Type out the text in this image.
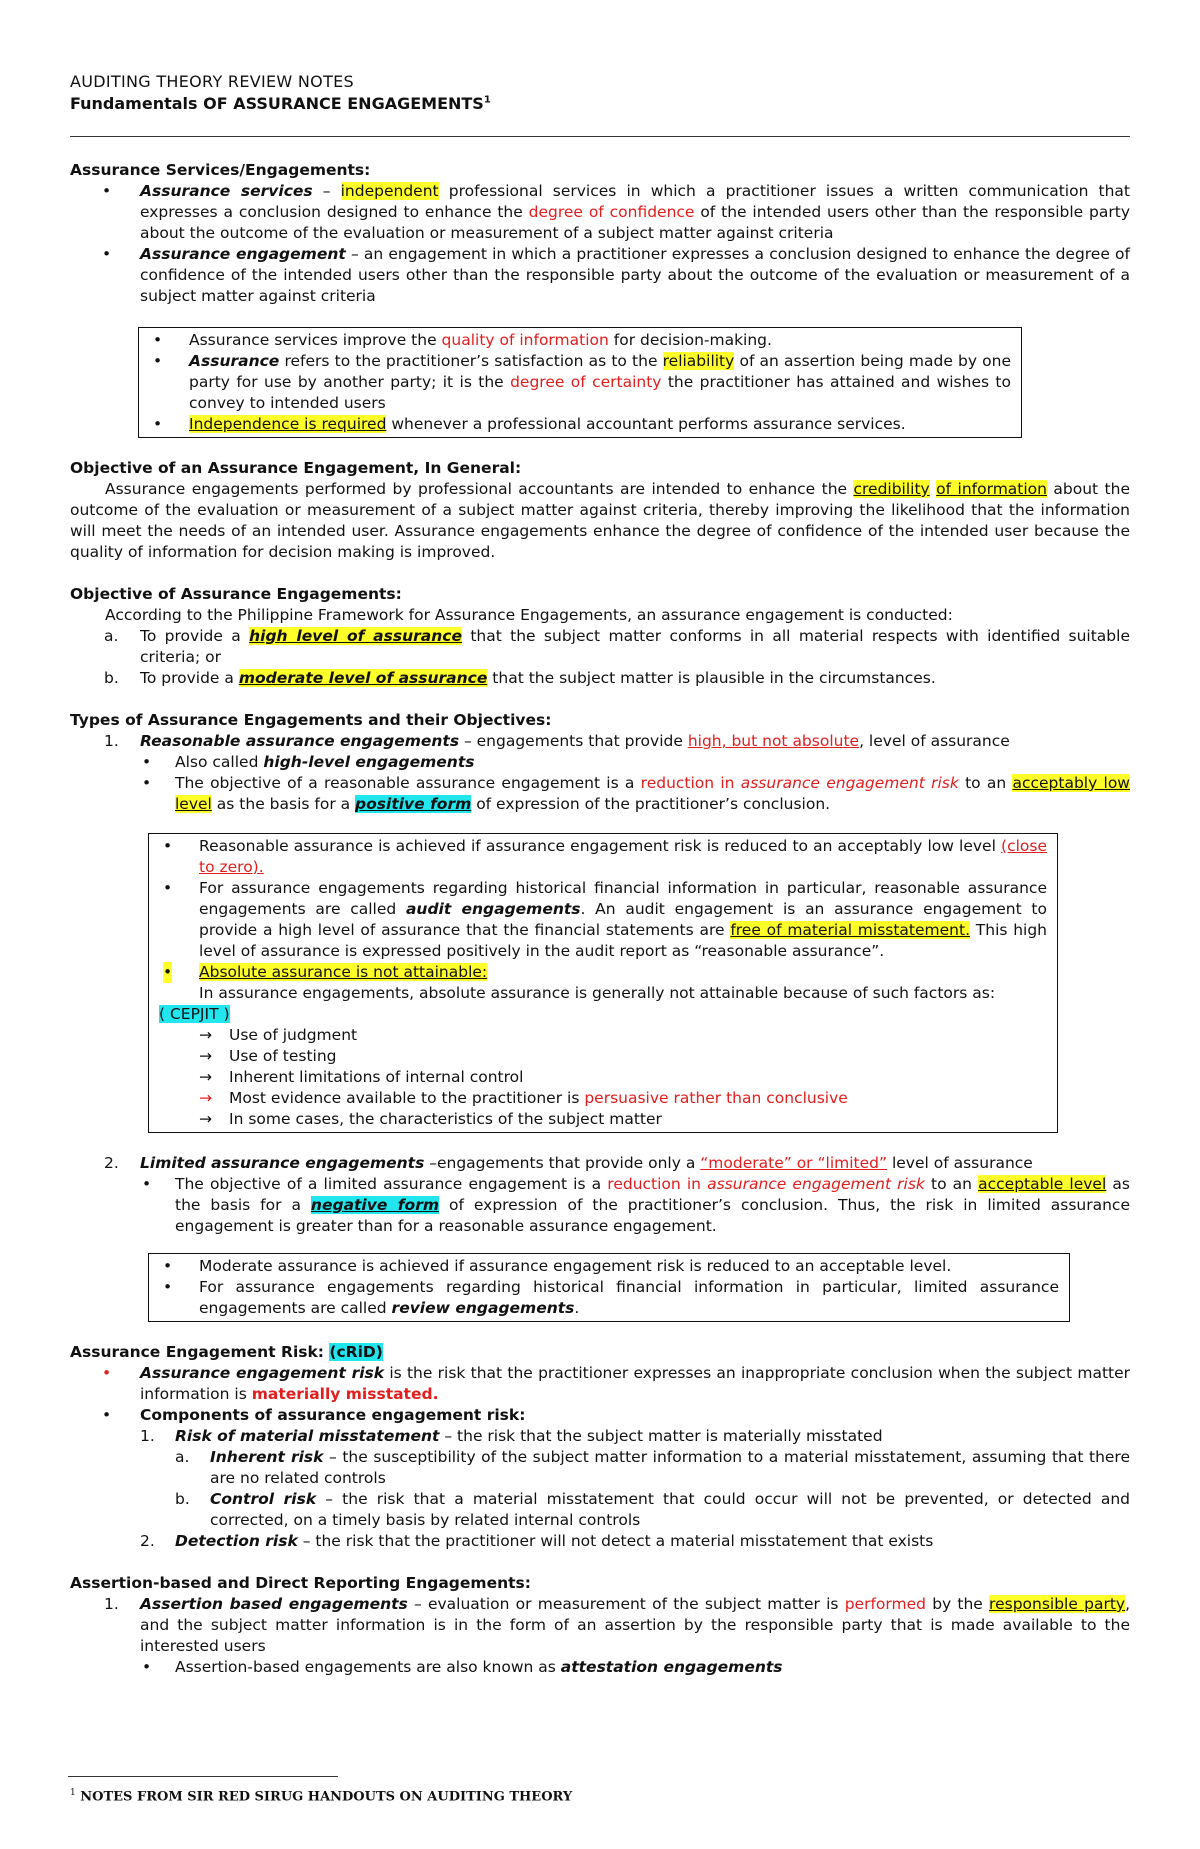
AUDITING THEORY REVIEW NOTES
Fundamentals OF ASSURANCE ENGAGEMENTS$^1$

Assurance Services/Engagements:

• Assurance services – independent professional services in which a practitioner issues a written communication that expresses a conclusion designed to enhance the degree of confidence of the intended users other than the responsible party about the outcome of the evaluation or measurement of a subject matter against criteria
• Assurance engagement – an engagement in which a practitioner expresses a conclusion designed to enhance the degree of confidence of the intended users other than the responsible party about the outcome of the evaluation or measurement of a subject matter against criteria
• Assurance services improve the quality of information for decision-making.
• Assurance refers to the practitioner’s satisfaction as to the reliability of an assertion being made by one party for use by another party; it is the degree of certainty the practitioner has attained and wishes to convey to intended users
• Independence is required whenever a professional accountant performs assurance services.

Objective of an Assurance Engagement, In General:

Assurance engagements performed by professional accountants are intended to enhance the credibility of information about the outcome of the evaluation or measurement of a subject matter against criteria, thereby improving the likelihood that the information will meet the needs of an intended user. Assurance engagements enhance the degree of confidence of the intended user because the quality of information for decision making is improved.

Objective of Assurance Engagements:

According to the Philippine Framework for Assurance Engagements, an assurance engagement is conducted:

a. To provide a high level of assurance that the subject matter conforms in all material respects with identified suitable criteria; or
b. To provide a moderate level of assurance that the subject matter is plausible in the circumstances.

Types of Assurance Engagements and their Objectives:

1. Reasonable assurance engagements – engagements that provide high, but not absolute, level of assurance
• Also called high-level engagements
• The objective of a reasonable assurance engagement is a reduction in assurance engagement risk to an acceptably low level as the basis for a positive form of expression of the practitioner’s conclusion.
• Reasonable assurance is achieved if assurance engagement risk is reduced to an acceptably low level (close to zero).
• For assurance engagements regarding historical financial information in particular, reasonable assurance engagements are called audit engagements. An audit engagement is an assurance engagement to provide a high level of assurance that the financial statements are free of material misstatement. This high level of assurance is expressed positively in the audit report as “reasonable assurance”.
• Absolute assurance is not attainable:
In assurance engagements, absolute assurance is generally not attainable because of such factors as:
( CEPJIT )
→ Use of judgment
→ Use of testing
→ Inherent limitations of internal control
→ Most evidence available to the practitioner is persuasive rather than conclusive
→ In some cases, the characteristics of the subject matter
2. Limited assurance engagements –engagements that provide only a “moderate” or “limited” level of assurance
• The objective of a limited assurance engagement is a reduction in assurance engagement risk to an acceptable level as the basis for a negative form of expression of the practitioner’s conclusion. Thus, the risk in limited assurance engagement is greater than for a reasonable assurance engagement.
• Moderate assurance is achieved if assurance engagement risk is reduced to an acceptable level.
• For assurance engagements regarding historical financial information in particular, limited assurance engagements are called review engagements.

Assurance Engagement Risk: (cRiD)

• Assurance engagement risk is the risk that the practitioner expresses an inappropriate conclusion when the subject matter information is materially misstated.
• Components of assurance engagement risk:
1. Risk of material misstatement – the risk that the subject matter is materially misstated
a. Inherent risk – the susceptibility of the subject matter information to a material misstatement, assuming that there are no related controls
b. Control risk – the risk that a material misstatement that could occur will not be prevented, or detected and corrected, on a timely basis by related internal controls
2. Detection risk – the risk that the practitioner will not detect a material misstatement that exists

Assertion-based and Direct Reporting Engagements:

1. Assertion based engagements – evaluation or measurement of the subject matter is performed by the responsible party, and the subject matter information is in the form of an assertion by the responsible party that is made available to the interested users
• Assertion-based engagements are also known as attestation engagements
$^1$ NOTES FROM SIR RED SIRUG HANDOUTS ON AUDITING THEORY
